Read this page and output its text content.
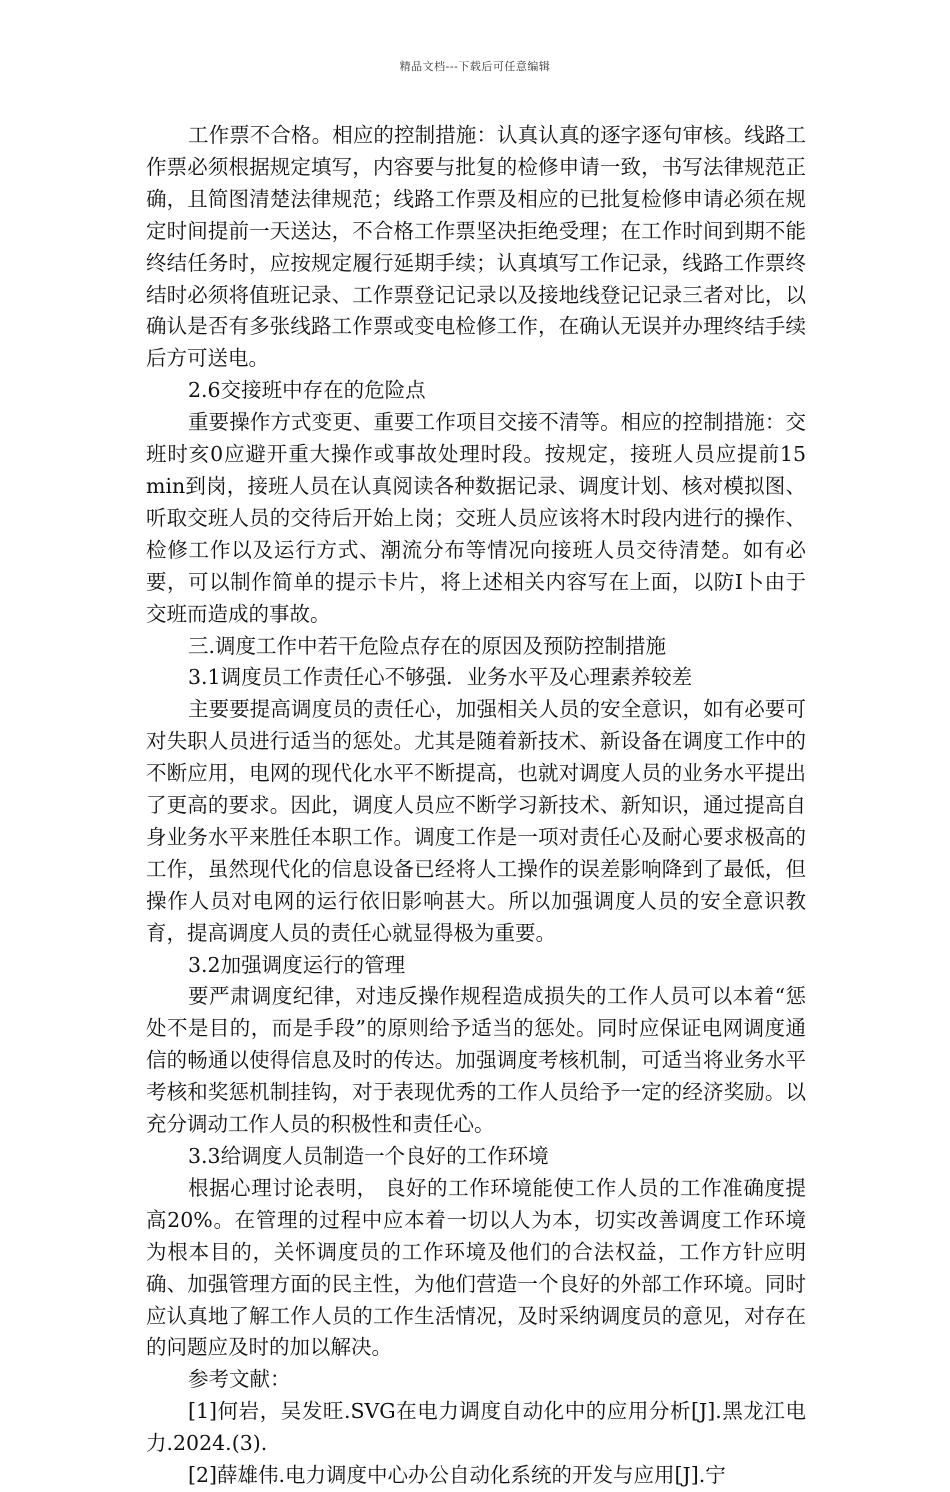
精品文档---下载后可任意编辑

工作票不合格。相应的控制措施：认真认真的逐字逐句审核。线路工作票必须根据规定填写，内容要与批复的检修申请一致，书写法律规范正确，且简图清楚法律规范；线路工作票及相应的已批复检修申请必须在规定时间提前一天送达，不合格工作票坚决拒绝受理；在工作时间到期不能终结任务时，应按规定履行延期手续；认真填写工作记录，线路工作票终结时必须将值班记录、工作票登记记录以及接地线登记记录三者对比，以确认是否有多张线路工作票或变电检修工作，在确认无误并办理终结手续后方可送电。

2.6交接班中存在的危险点

重要操作方式变更、重要工作项目交接不清等。相应的控制措施：交班时亥0应避开重大操作或事故处理时段。按规定，接班人员应提前15 min到岗，接班人员在认真阅读各种数据记录、调度计划、核对模拟图、听取交班人员的交待后开始上岗；交班人员应该将木时段内进行的操作、检修工作以及运行方式、潮流分布等情况向接班人员交待清楚。如有必要，可以制作简单的提示卡片，将上述相关内容写在上面，以防I卜由于交班而造成的事故。

三.调度工作中若干危险点存在的原因及预防控制措施

3.1调度员工作责任心不够强．业务水平及心理素养较差

主要要提高调度员的责任心，加强相关人员的安全意识，如有必要可对失职人员进行适当的惩处。尤其是随着新技术、新设备在调度工作中的不断应用，电网的现代化水平不断提高，也就对调度人员的业务水平提出了更高的要求。因此，调度人员应不断学习新技术、新知识，通过提高自身业务水平来胜任本职工作。调度工作是一项对责任心及耐心要求极高的工作，虽然现代化的信息设备已经将人工操作的误差影响降到了最低，但操作人员对电网的运行依旧影响甚大。所以加强调度人员的安全意识教育，提高调度人员的责任心就显得极为重要。

3.2加强调度运行的管理

要严肃调度纪律，对违反操作规程造成损失的工作人员可以本着“惩处不是目的，而是手段”的原则给予适当的惩处。同时应保证电网调度通信的畅通以使得信息及时的传达。加强调度考核机制，可适当将业务水平考核和奖惩机制挂钩，对于表现优秀的工作人员给予一定的经济奖励。以充分调动工作人员的积极性和责任心。

3.3给调度人员制造一个良好的工作环境

根据心理讨论表明， 良好的工作环境能使工作人员的工作准确度提高20%。在管理的过程中应本着一切以人为本，切实改善调度工作环境为根本目的，关怀调度员的工作环境及他们的合法权益，工作方针应明确、加强管理方面的民主性，为他们营造一个良好的外部工作环境。同时应认真地了解工作人员的工作生活情况，及时采纳调度员的意见，对存在的问题应及时的加以解决。

参考文献：

[1]何岩，吴发旺.SVG在电力调度自动化中的应用分析[J].黑龙江电力.2024.(3).

[2]薛雄伟.电力调度中心办公自动化系统的开发与应用[J].宁
